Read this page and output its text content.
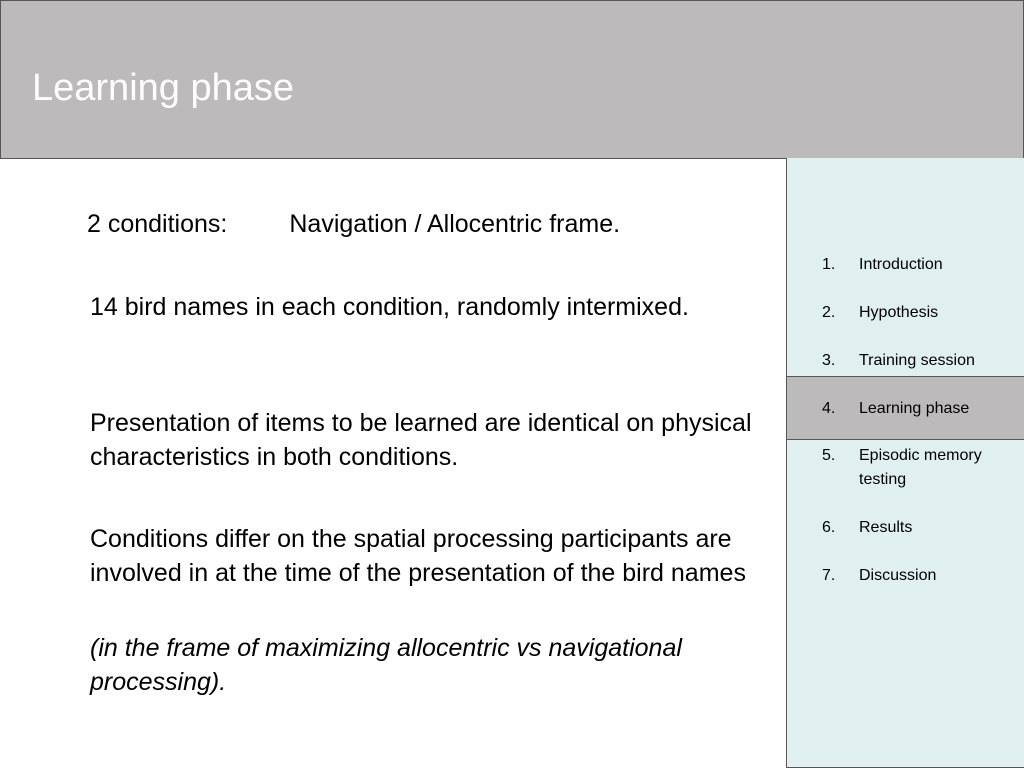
Learning phase
2 conditions: Navigation / Allocentric frame.
14 bird names in each condition, randomly intermixed.
Presentation of items to be learned are identical on physical characteristics in both conditions.
Conditions differ on the spatial processing participants are involved in at the time of the presentation of the bird names
(in the frame of maximizing allocentric vs navigational processing).
1. Introduction
2. Hypothesis
3. Training session
4. Learning phase
5. Episodic memory testing
6. Results
7. Discussion
